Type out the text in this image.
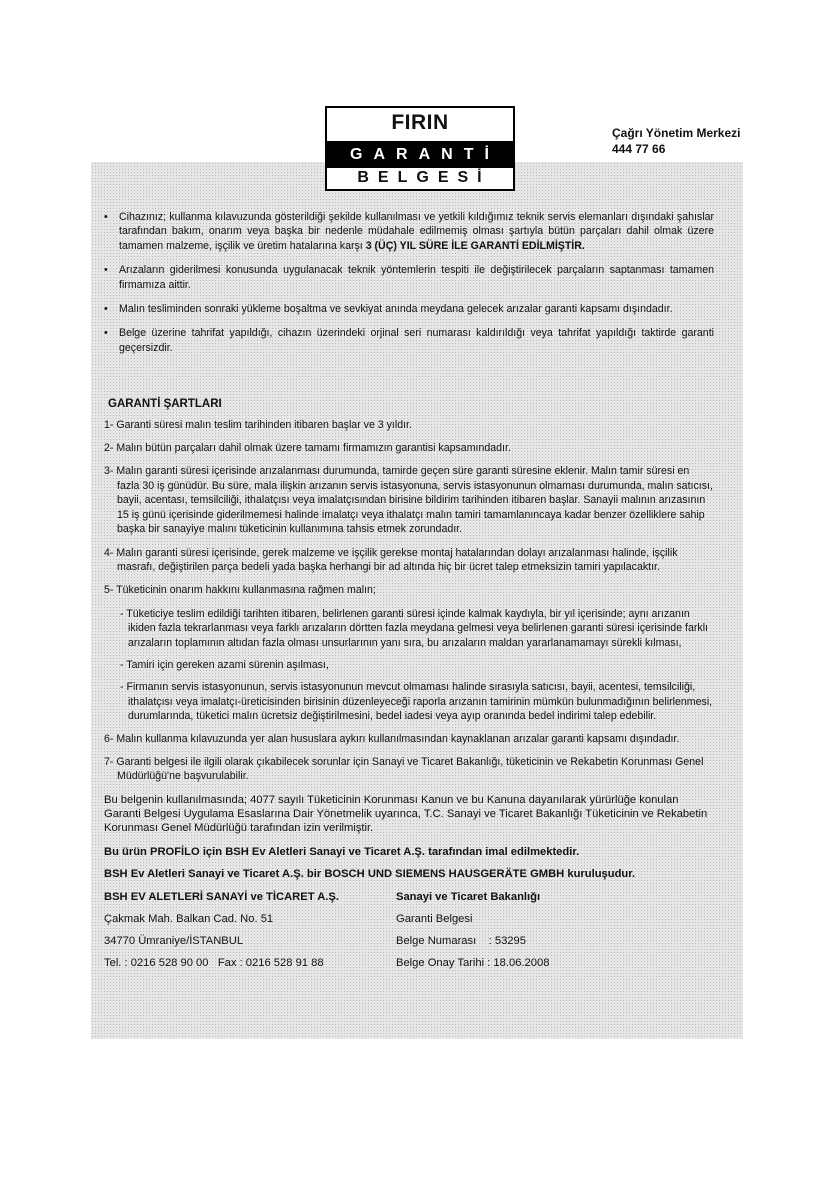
FIRIN
GARANTİ
BELGESİ
Çağrı Yönetim Merkezi
444 77 66
• Cihazınız; kullanma kılavuzunda gösterildiği şekilde kullanılması ve yetkili kıldığımız teknik servis elemanları dışındaki şahıslar tarafından bakım, onarım veya başka bir nedenle müdahale edilmemiş olması şartıyla bütün parçaları dahil olmak üzere tamamen malzeme, işçilik ve üretim hatalarına karşı 3 (ÜÇ) YIL SÜRE İLE GARANTİ EDİLMİŞTİR.
• Arızaların giderilmesi konusunda uygulanacak teknik yöntemlerin tespiti ile değiştirilecek parçaların saptanması tamamen firmamıza aittir.
• Malın tesliminden sonraki yükleme boşaltma ve sevkiyat anında meydana gelecek arızalar garanti kapsamı dışındadır.
• Belge üzerine tahrifat yapıldığı, cihazın üzerindeki orjinal seri numarası kaldırıldığı veya tahrifat yapıldığı taktirde garanti geçersizdir.
GARANTİ ŞARTLARI
1- Garanti süresi malın teslim tarihinden itibaren başlar ve 3 yıldır.
2- Malın bütün parçaları dahil olmak üzere tamamı firmamızın garantisi kapsamındadır.
3- Malın garanti süresi içerisinde arızalanması durumunda, tamirde geçen süre garanti süresine eklenir. Malın tamir süresi en fazla 30 iş günüdür. Bu süre, mala ilişkin arızanın servis istasyonuna, servis istasyonunun olmaması durumunda, malın satıcısı, bayii, acentası, temsilciliği, ithalatçısı veya imalatçısından birisine bildirim tarihinden itibaren başlar. Sanayii malının arızasının 15 iş günü içerisinde giderilmemesi halinde imalatçı veya ithalatçı malın tamiri tamamlanıncaya kadar benzer özelliklere sahip başka bir sanayiye malını tüketicinin kullanımına tahsis etmek zorundadır.
4- Malın garanti süresi içerisinde, gerek malzeme ve işçilik gerekse montaj hatalarından dolayı arızalanması halinde, işçilik masrafı, değiştirilen parça bedeli yada başka herhangi bir ad altında hiç bir ücret talep etmeksizin tamiri yapılacaktır.
5- Tüketicinin onarım hakkını kullanmasına rağmen malın;
- Tüketiciye teslim edildiği tarihten itibaren, belirlenen garanti süresi içinde kalmak kaydıyla, bir yıl içerisinde; aynı arızanın ikiden fazla tekrarlanması veya farklı arızaların dörtten fazla meydana gelmesi veya belirlenen garanti süresi içerisinde farklı arızaların toplamının altıdan fazla olması unsurlarının yanı sıra, bu arızaların maldan yararlanamamayı sürekli kılması,
- Tamiri için gereken azami sürenin aşılması,
- Firmanın servis istasyonunun, servis istasyonunun mevcut olmaması halinde sırasıyla satıcısı, bayii, acentesi, temsilciliği, ithalatçısı veya imalatçı-üreticisinden birisinin düzenleyeceği raporla arızanın tamirinin mümkün bulunmadığının belirlenmesi, durumlarında, tüketici malın ücretsiz değiştirilmesini, bedel iadesi veya ayıp oranında bedel indirimi talep edebilir.
6- Malın kullanma kılavuzunda yer alan hususlara aykırı kullanılmasından kaynaklanan arızalar garanti kapsamı dışındadır.
7- Garanti belgesi ile ilgili olarak çıkabilecek sorunlar için Sanayi ve Ticaret Bakanlığı, tüketicinin ve Rekabetin Korunması Genel Müdürlüğü'ne başvurulabilir.
Bu belgenin kullanılmasında; 4077 sayılı Tüketicinin Korunması Kanun ve bu Kanuna dayanılarak yürürlüğe konulan Garanti Belgesi Uygulama Esaslarına Dair Yönetmelik uyarınca, T.C. Sanayi ve Ticaret Bakanlığı Tüketicinin ve Rekabetin Korunması Genel Müdürlüğü tarafından izin verilmiştir.
Bu ürün PROFİLO için BSH Ev Aletleri Sanayi ve Ticaret A.Ş. tarafından imal edilmektedir.
BSH Ev Aletleri Sanayi ve Ticaret A.Ş. bir BOSCH UND SIEMENS HAUSGERÄTE GMBH kuruluşudur.
BSH EV ALETLERİ SANAYİ ve TİCARET A.Ş.
Çakmak Mah. Balkan Cad. No. 51
34770 Ümraniye/İSTANBUL
Tel. : 0216 528 90 00   Fax : 0216 528 91 88
Sanayi ve Ticaret Bakanlığı
Garanti Belgesi
Belge Numarası    : 53295
Belge Onay Tarihi : 18.06.2008
